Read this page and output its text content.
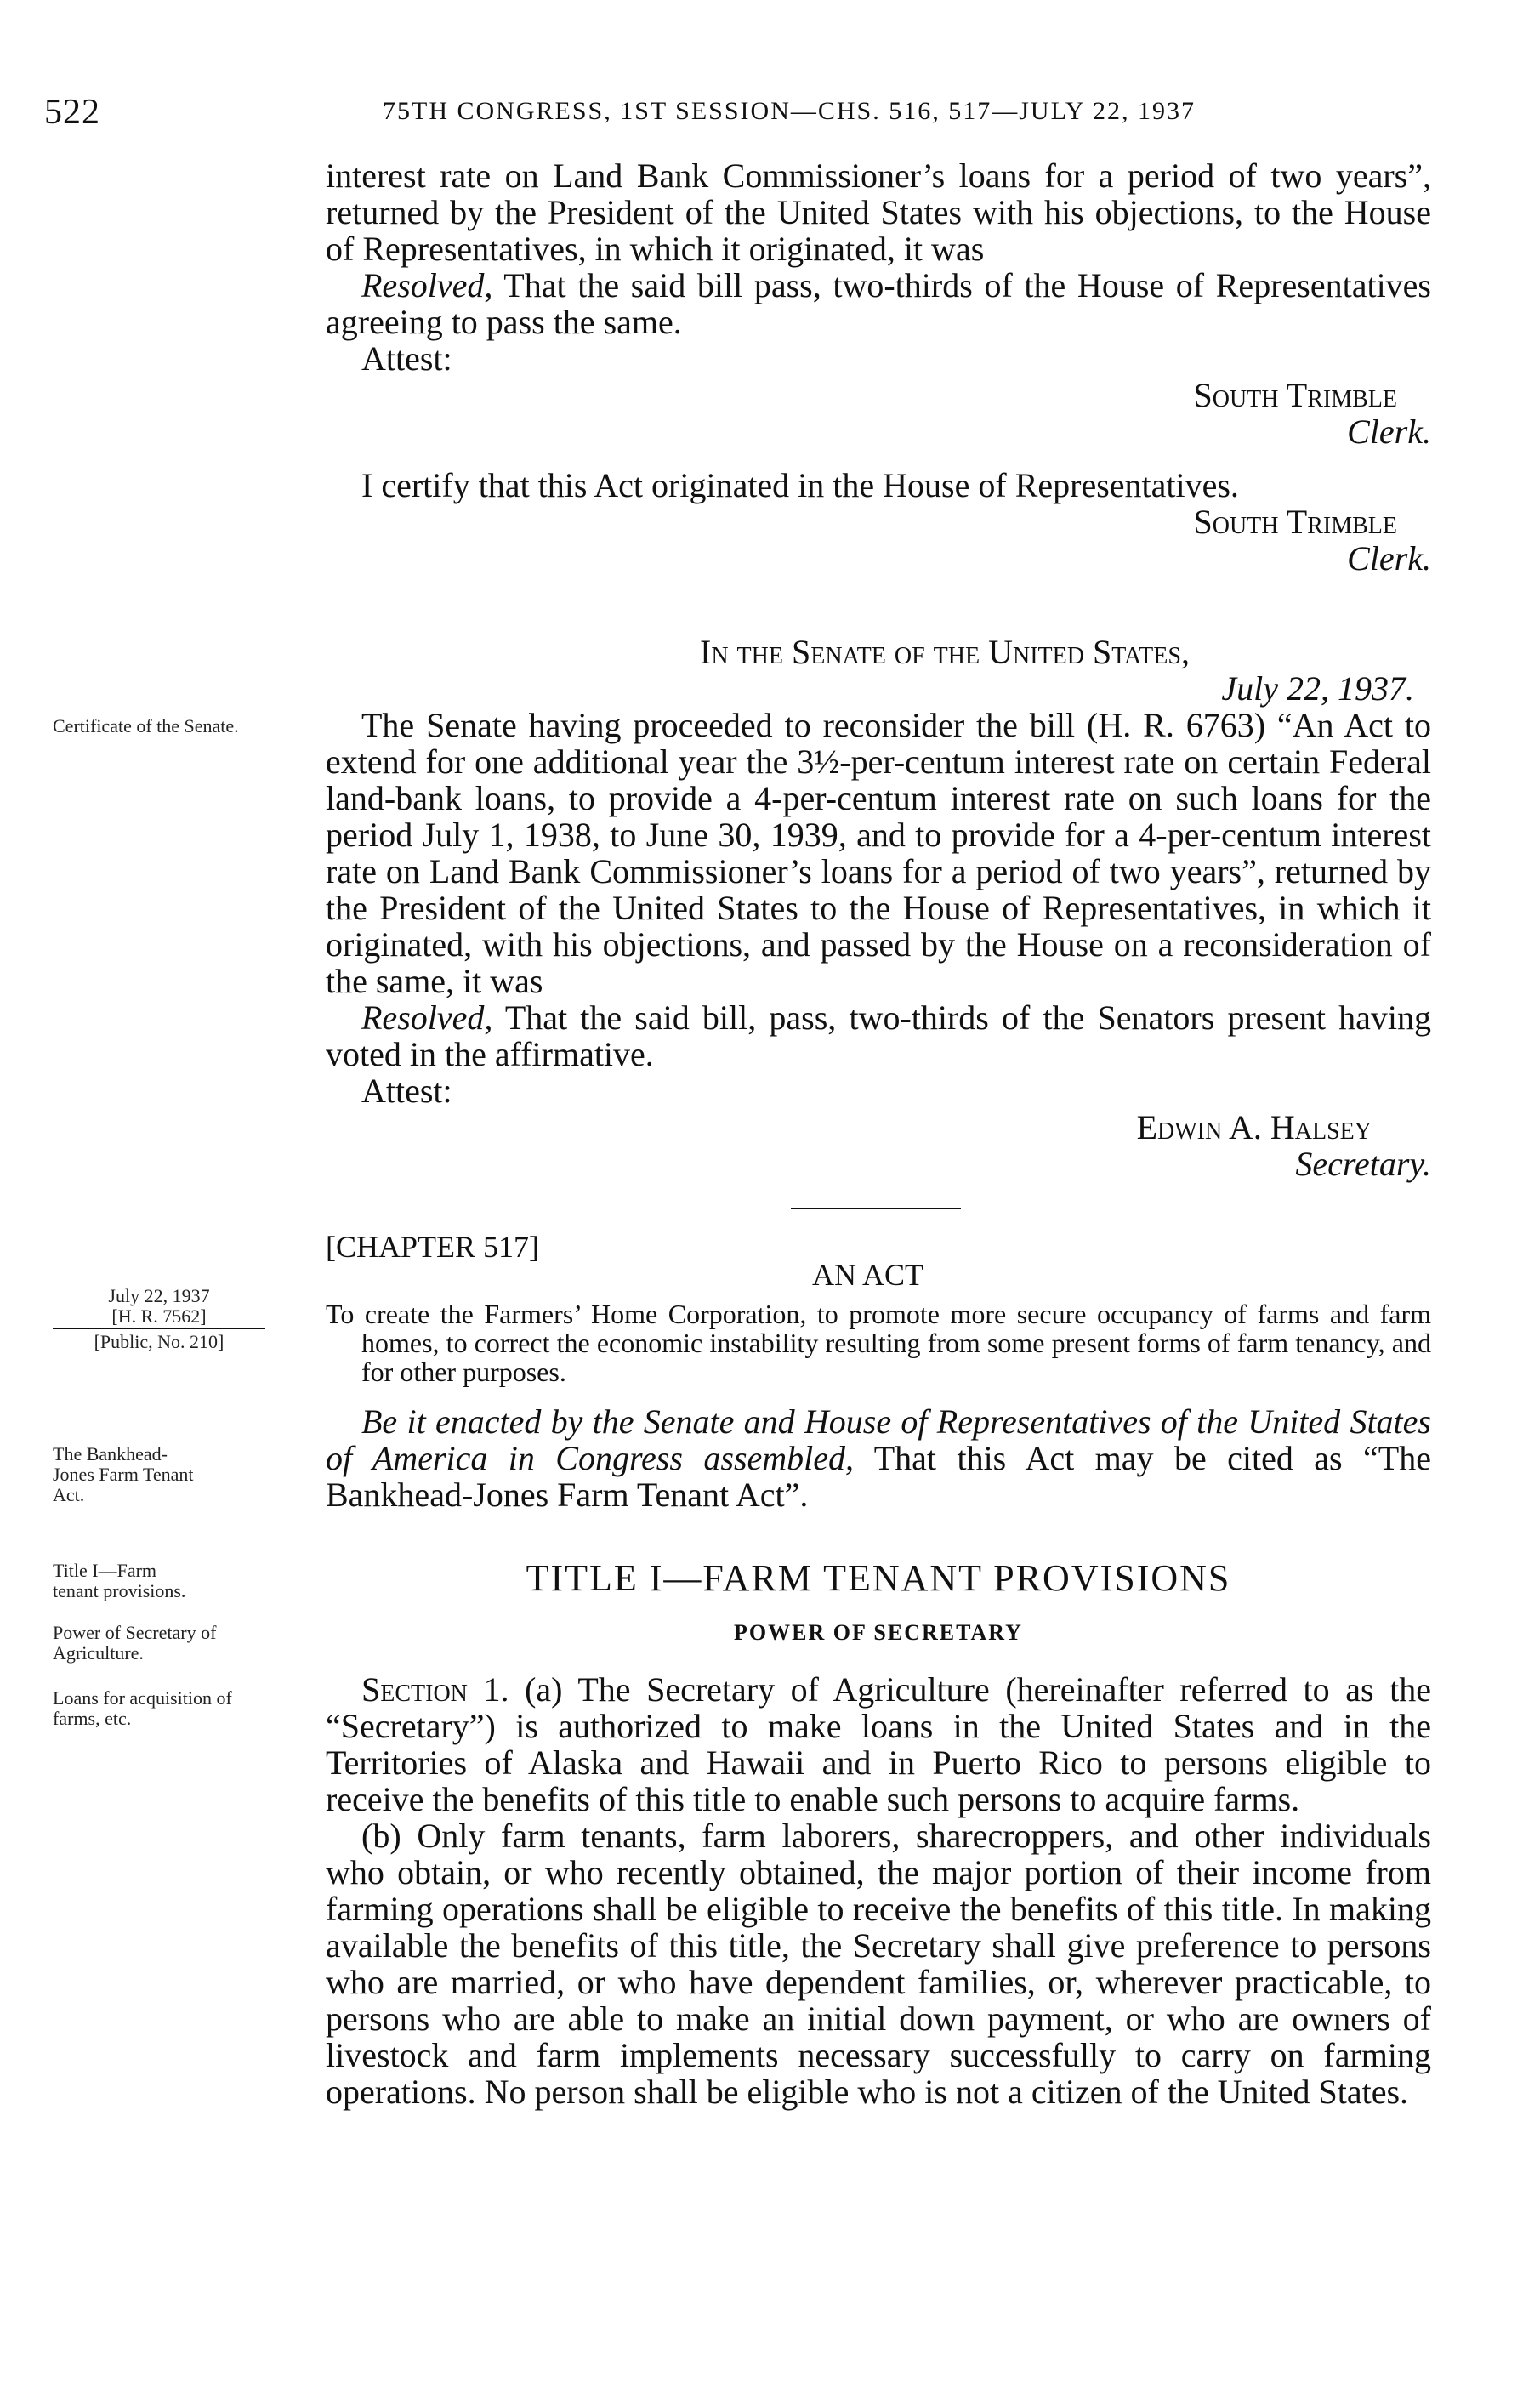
522	75TH CONGRESS, 1ST SESSION—CHS. 516, 517—JULY 22, 1937

interest rate on Land Bank Commissioner’s loans for a period of two years”, returned by the President of the United States with his objections, to the House of Representatives, in which it originated, it was

Resolved, That the said bill pass, two-thirds of the House of Representatives agreeing to pass the same.

Attest:

South Trimble

Clerk.

I certify that this Act originated in the House of Representatives.

South Trimble

Clerk.

In the Senate of the United States,

July 22, 1937.

The Senate having proceeded to reconsider the bill (H. R. 6763) “An Act to extend for one additional year the 3½-per-centum interest rate on certain Federal land-bank loans, to provide a 4-per-centum interest rate on such loans for the period July 1, 1938, to June 30, 1939, and to provide for a 4-per-centum interest rate on Land Bank Commissioner’s loans for a period of two years”, returned by the President of the United States to the House of Representatives, in which it originated, with his objections, and passed by the House on a reconsideration of the same, it was

Resolved, That the said bill, pass, two-thirds of the Senators present having voted in the affirmative.

Attest:

Edwin A. Halsey

Secretary.

[CHAPTER 517]
AN ACT

To create the Farmers’ Home Corporation, to promote more secure occupancy of farms and farm homes, to correct the economic instability resulting from some present forms of farm tenancy, and for other purposes.

Be it enacted by the Senate and House of Representatives of the United States of America in Congress assembled, That this Act may be cited as “The Bankhead-Jones Farm Tenant Act”.

TITLE I—FARM TENANT PROVISIONS
POWER OF SECRETARY

Section 1. (a) The Secretary of Agriculture (hereinafter referred to as the “Secretary”) is authorized to make loans in the United States and in the Territories of Alaska and Hawaii and in Puerto Rico to persons eligible to receive the benefits of this title to enable such persons to acquire farms.

(b) Only farm tenants, farm laborers, sharecroppers, and other individuals who obtain, or who recently obtained, the major portion of their income from farming operations shall be eligible to receive the benefits of this title. In making available the benefits of this title, the Secretary shall give preference to persons who are married, or who have dependent families, or, wherever practicable, to persons who are able to make an initial down payment, or who are owners of livestock and farm implements necessary successfully to carry on farming operations. No person shall be eligible who is not a citizen of the United States.

Certificate of the Senate.
July 22, 1937
[H. R. 7562]
[Public, No. 210]
The Bankhead-Jones Farm Tenant Act.
Title I—Farm tenant provisions.
Power of Secretary of Agriculture.
Loans for acquisition of farms, etc.
